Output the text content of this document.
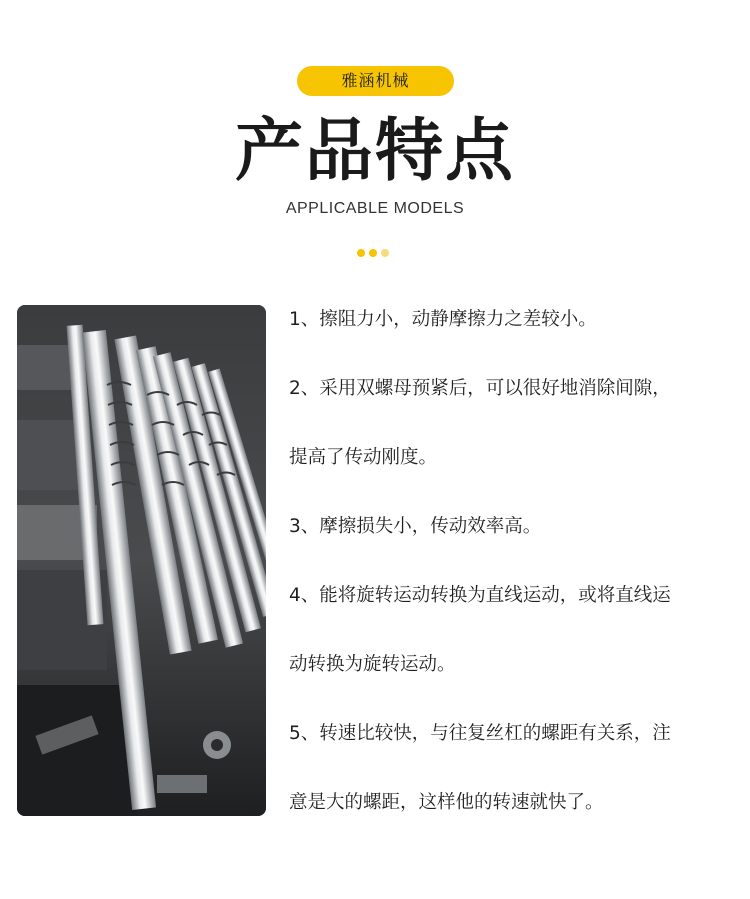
雅涵机械
产品特点
APPLICABLE MODELS
1、擦阻力小，动静摩擦力之差较小。
2、采用双螺母预紧后，可以很好地消除间隙，
提高了传动刚度。
3、摩擦损失小，传动效率高。
4、能将旋转运动转换为直线运动，或将直线运
动转换为旋转运动。
5、转速比较快，与往复丝杠的螺距有关系，注
意是大的螺距，这样他的转速就快了。
